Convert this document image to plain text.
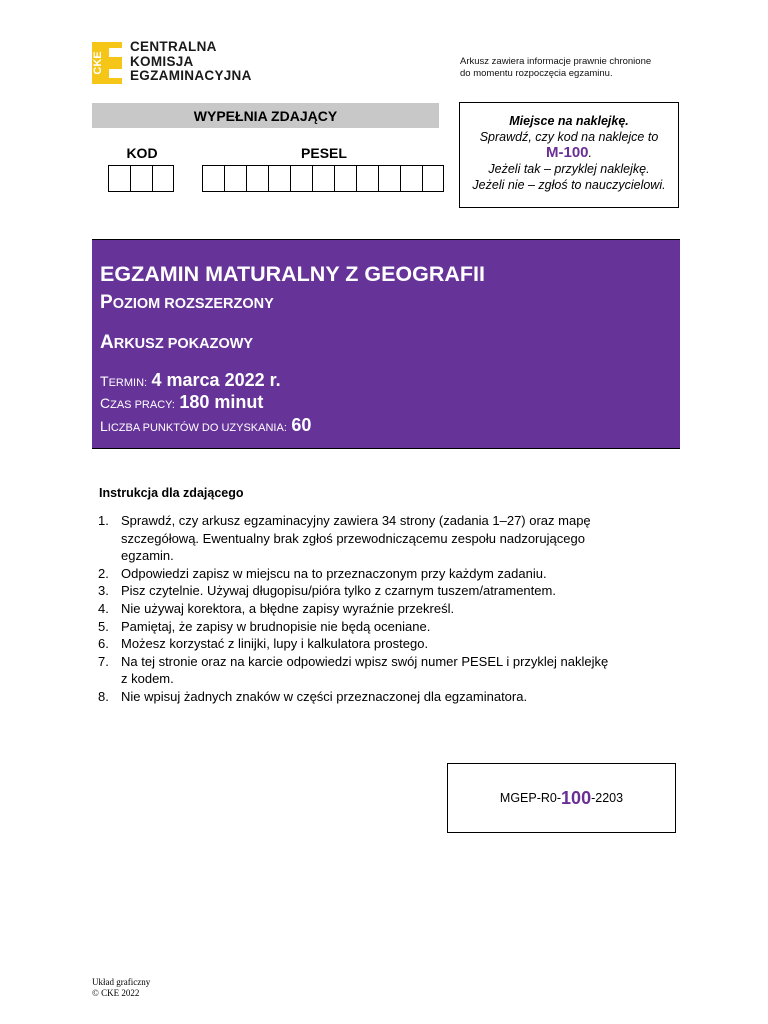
CKE
CENTRALNA
KOMISJA
EGZAMINACYJNA
Arkusz zawiera informacje prawnie chronione
do momentu rozpoczęcia egzaminu.
WYPEŁNIA ZDAJĄCY
KOD	PESEL
Miejsce na naklejkę.
Sprawdź, czy kod na naklejce to
M-100.
Jeżeli tak – przyklej naklejkę.
Jeżeli nie – zgłoś to nauczycielowi.
EGZAMIN MATURALNY Z GEOGRAFII
POZIOM ROZSZERZONY
ARKUSZ POKAZOWY
TERMIN: 4 marca 2022 r.
CZAS PRACY: 180 minut
LICZBA PUNKTÓW DO UZYSKANIA: 60
Instrukcja dla zdającego
1. Sprawdź, czy arkusz egzaminacyjny zawiera 34 strony (zadania 1–27) oraz mapę
szczegółową. Ewentualny brak zgłoś przewodniczącemu zespołu nadzorującego
egzamin.
2. Odpowiedzi zapisz w miejscu na to przeznaczonym przy każdym zadaniu.
3. Pisz czytelnie. Używaj długopisu/pióra tylko z czarnym tuszem/atramentem.
4. Nie używaj korektora, a błędne zapisy wyraźnie przekreśl.
5. Pamiętaj, że zapisy w brudnopisie nie będą oceniane.
6. Możesz korzystać z linijki, lupy i kalkulatora prostego.
7. Na tej stronie oraz na karcie odpowiedzi wpisz swój numer PESEL i przyklej naklejkę
z kodem.
8. Nie wpisuj żadnych znaków w części przeznaczonej dla egzaminatora.
MGEP-R0- 100 -2203
Układ graficzny
© CKE 2022
